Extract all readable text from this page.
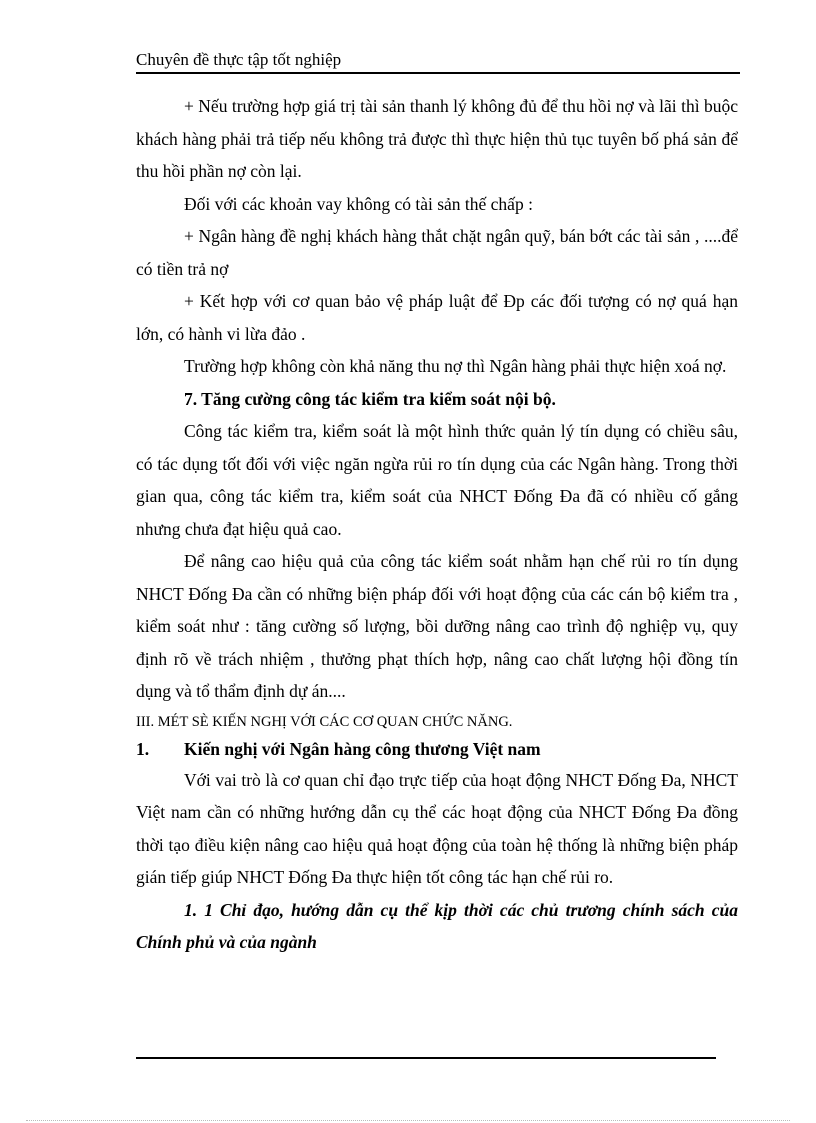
Chuyên đề thực tập tốt nghiệp

+ Nếu trường hợp giá trị tài sản thanh lý không đủ để thu hồi nợ và lãi thì buộc khách hàng phải trả tiếp nếu không trả được thì thực hiện thủ tục tuyên bố phá sản để thu hồi phần nợ còn lại.

Đối với các khoản vay không có tài sản thế chấp :

+ Ngân hàng đề nghị khách hàng thắt chặt ngân quỹ, bán bớt các tài sản , ....để có tiền trả nợ

+ Kết hợp với cơ quan bảo vệ pháp luật để Đp các đối tượng có nợ quá hạn lớn, có hành vi lừa đảo .

Trường hợp không còn khả năng thu nợ thì Ngân hàng phải thực hiện xoá nợ.

7. Tăng cường công tác kiểm tra kiểm soát nội bộ.

Công tác kiểm tra, kiểm soát là một hình thức quản lý tín dụng có chiều sâu, có tác dụng tốt đối với việc ngăn ngừa rủi ro tín dụng của các Ngân hàng. Trong thời gian qua, công tác kiểm tra, kiểm soát của NHCT Đống Đa đã có nhiều cố gắng nhưng chưa đạt hiệu quả cao.

Để nâng cao hiệu quả của công tác kiểm soát nhằm hạn chế rủi ro tín dụng NHCT Đống Đa cần có những biện pháp đối với hoạt động của các cán bộ kiểm tra , kiểm soát như : tăng cường số lượng, bồi dưỡng nâng cao trình độ nghiệp vụ, quy định rõ về trách nhiệm , thưởng phạt thích hợp, nâng cao chất lượng hội đồng tín dụng và tổ thẩm định dự án....

III. MÉT SÈ KIẾN NGHỊ VỚI CÁC CƠ QUAN CHỨC NĂNG.

1.	Kiến nghị với Ngân hàng công thương Việt nam

Với vai trò là cơ quan chỉ đạo trực tiếp của hoạt động NHCT Đống Đa, NHCT Việt nam cần có những hướng dẫn cụ thể các hoạt động của NHCT Đống Đa đồng thời tạo điều kiện nâng cao hiệu quả hoạt động của toàn hệ thống là những biện pháp gián tiếp giúp NHCT Đống Đa thực hiện tốt công tác hạn chế rủi ro.

1. 1 Chỉ đạo, hướng dẫn cụ thể kịp thời các chủ trương chính sách của Chính phủ và của ngành
